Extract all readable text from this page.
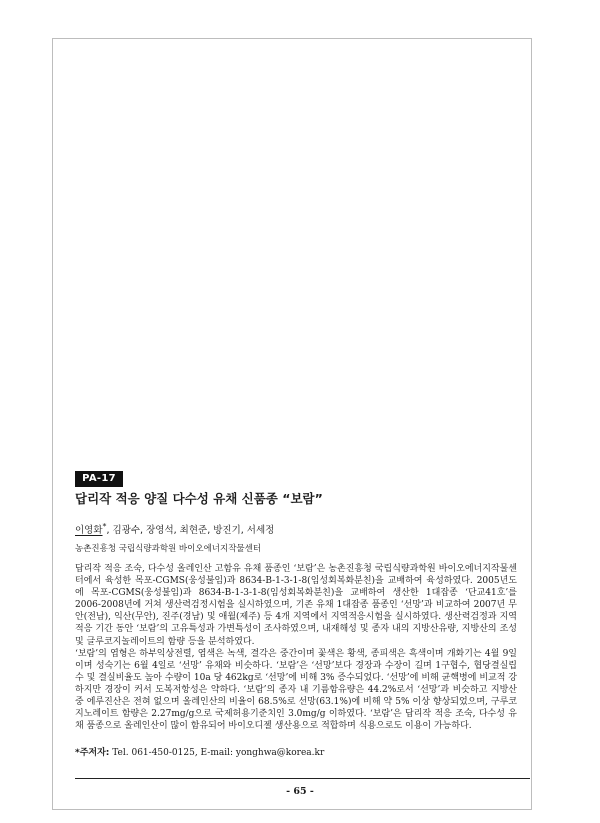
PA-17
답리작 적응 양질 다수성 유채 신품종 “보람”
이영화*, 김광수, 장영석, 최현준, 방진기, 서세정
농촌진흥청 국립식량과학원 바이오에너지작물센터

답리작 적응 조숙, 다수성 올레인산 고함유 유채 품종인 ‘보람’은 농촌진흥청 국립식량과학원 바이오에너지작물센터에서 육성한 목포-CGMS(웅성불임)과 8634-B-1-3-1-8(임성회복화분친)을 교배하여 육성하였다. 2005년도에 목포-CGMS(웅성불임)과 8634-B-1-3-1-8(임성회복화분친)을 교배하여 생산한 1대잡종 ‘단교41호’를 2006-2008년에 거쳐 생산력검정시험을 실시하였으며, 기존 유채 1대잡종 품종인 ‘선망’과 비교하여 2007년 무안(전남), 익산(무안), 진주(경남) 및 애월(제주) 등 4개 지역에서 지역적응시험을 실시하였다. 생산력검정과 지역적응 기간 동안 ‘보람’의 고유특성과 가변특성이 조사하였으며, 내재해성 및 종자 내의 지방산유량, 지방산의 조성 및 글루코지놀레이트의 함량 등을 분석하였다.

‘보람’의 엽형은 하부익상전렬, 엽색은 녹색, 결각은 중간이며 꽃색은 황색, 종피색은 흑색이며 개화기는 4월 9일이며 성숙기는 6월 4일로 ‘선망’ 유채와 비슷하다. ‘보람’은 ‘선망’보다 경장과 수장이 길며 1구협수, 협당결실립수 및 결실비율도 높아 수량이 10a 당 462kg로 ‘선망’에 비해 3% 증수되었다. ‘선망’에 비해 균핵병에 비교적 강하지만 경장이 커서 도복저항성은 약하다. ‘보람’의 종자 내 기름함유량은 44.2%로서 ‘선망’과 비슷하고 지방산 중 에루진산은 전혀 없으며 올레인산의 비율이 68.5%로 선망(63.1%)에 비해 약 5% 이상 향상되었으며, 구루코지노레이트 함량은 2.27mg/g으로 국제허용기준치인 3.0mg/g 이하였다. ‘보람’은 답리작 적응 조숙, 다수성 유채 품종으로 올레인산이 많이 함유되어 바이오디젤 생산용으로 적합하며 식용으로도 이용이 가능하다.

*주저자: Tel. 061-450-0125, E-mail: yonghwa@korea.kr
- 65 -
